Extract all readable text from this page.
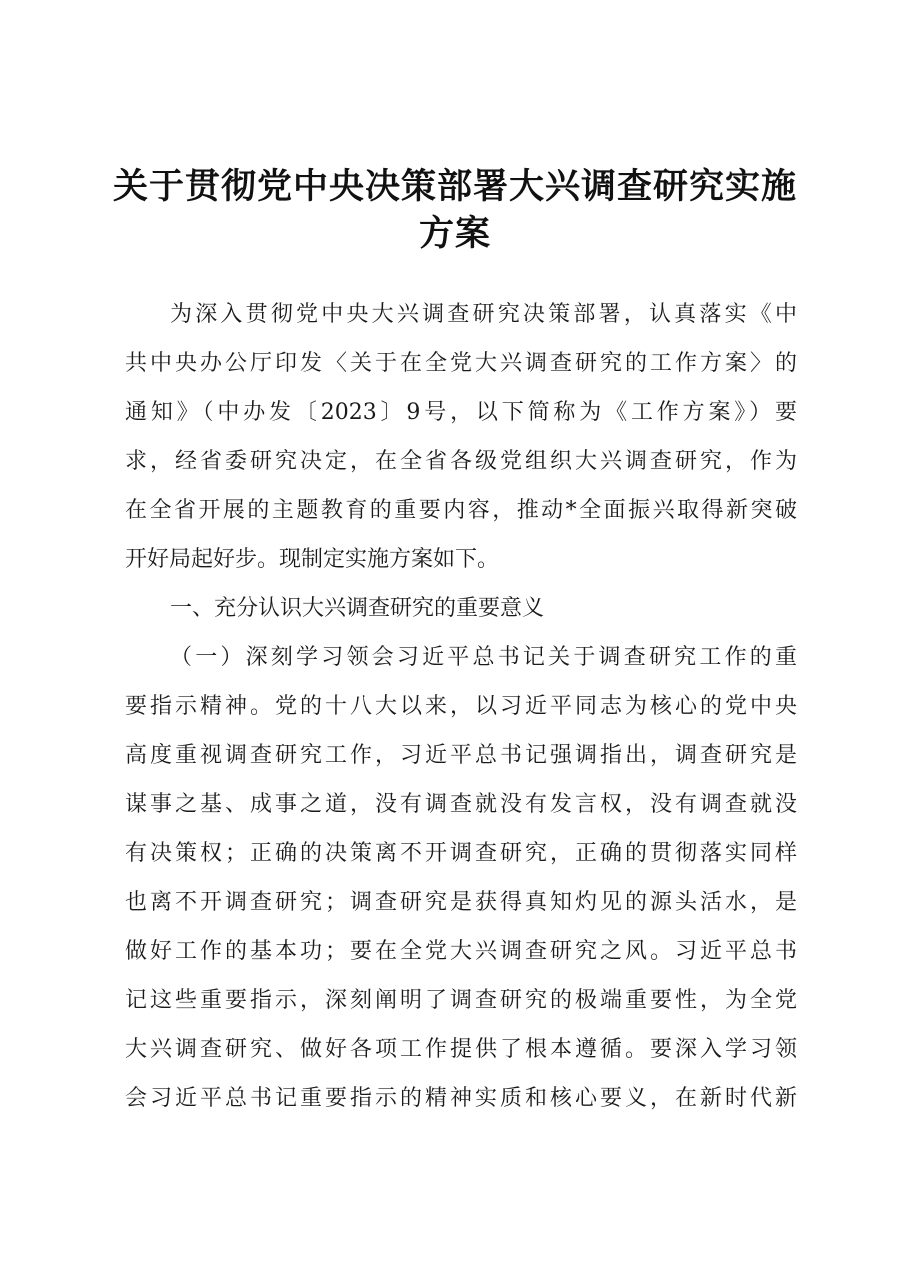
关于贯彻党中央决策部署大兴调查研究实施
方案

为深入贯彻党中央大兴调查研究决策部署，认真落实《中

共中央办公厅印发〈关于在全党大兴调查研究的工作方案〉的

通知》（中办发〔2023〕9号，以下简称为《工作方案》）要

求，经省委研究决定，在全省各级党组织大兴调查研究，作为

在全省开展的主题教育的重要内容，推动*全面振兴取得新突破

开好局起好步。现制定实施方案如下。

一、充分认识大兴调查研究的重要意义

（一）深刻学习领会习近平总书记关于调查研究工作的重

要指示精神。党的十八大以来，以习近平同志为核心的党中央

高度重视调查研究工作，习近平总书记强调指出，调查研究是

谋事之基、成事之道，没有调查就没有发言权，没有调查就没

有决策权；正确的决策离不开调查研究，正确的贯彻落实同样

也离不开调查研究；调查研究是获得真知灼见的源头活水，是

做好工作的基本功；要在全党大兴调查研究之风。习近平总书

记这些重要指示，深刻阐明了调查研究的极端重要性，为全党

大兴调查研究、做好各项工作提供了根本遵循。要深入学习领

会习近平总书记重要指示的精神实质和核心要义，在新时代新
